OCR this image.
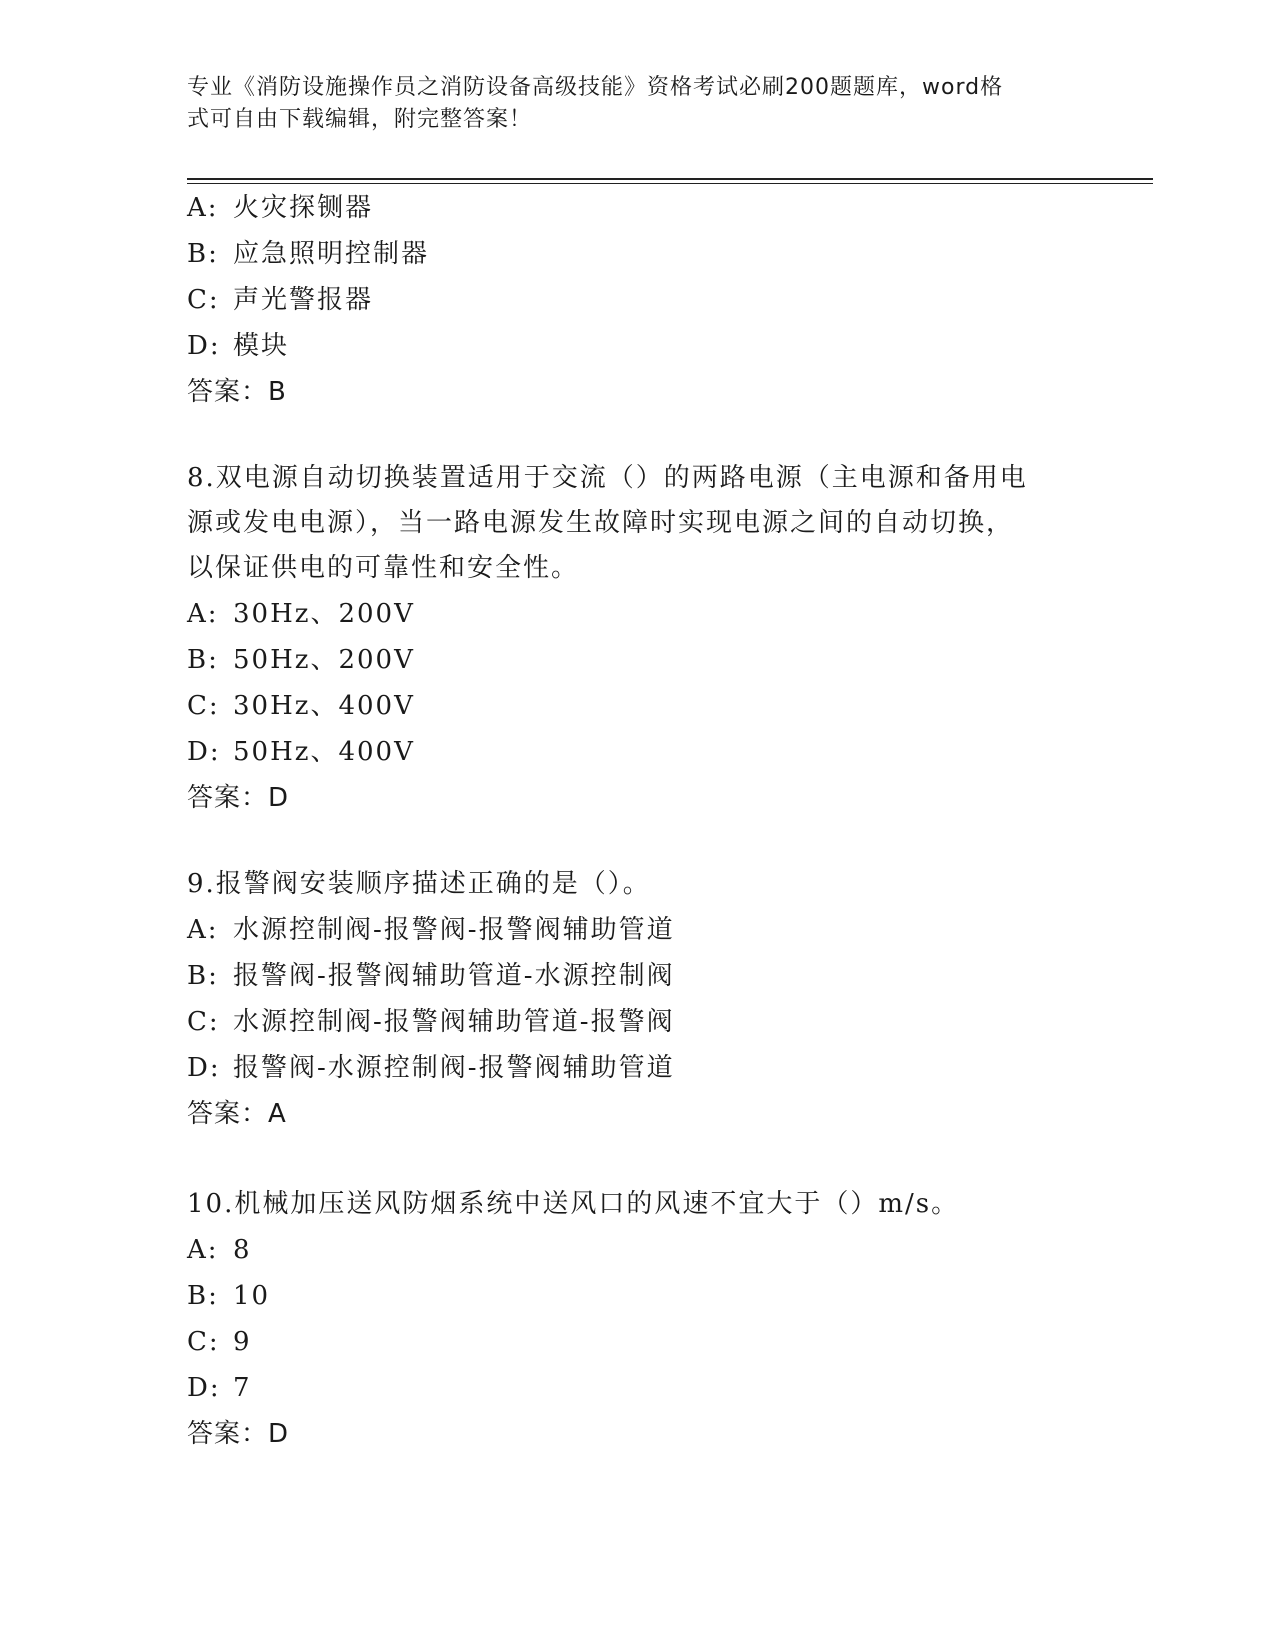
专业《消防设施操作员之消防设备高级技能》资格考试必刷200题题库，word格
式可自由下载编辑，附完整答案！
A: 火灾探铡器
B: 应急照明控制器
C: 声光警报器
D: 模块
答案：B
8.双电源自动切换装置适用于交流（）的两路电源（主电源和备用电
源或发电电源），当一路电源发生故障时实现电源之间的自动切换，
以保证供电的可靠性和安全性。
A: 30Hz、200V
B: 50Hz、200V
C: 30Hz、400V
D: 50Hz、400V
答案：D
9.报警阀安装顺序描述正确的是（）。
A: 水源控制阀-报警阀-报警阀辅助管道
B: 报警阀-报警阀辅助管道-水源控制阀
C: 水源控制阀-报警阀辅助管道-报警阀
D: 报警阀-水源控制阀-报警阀辅助管道
答案：A
10.机械加压送风防烟系统中送风口的风速不宜大于（）m/s。
A: 8
B: 10
C: 9
D: 7
答案：D
